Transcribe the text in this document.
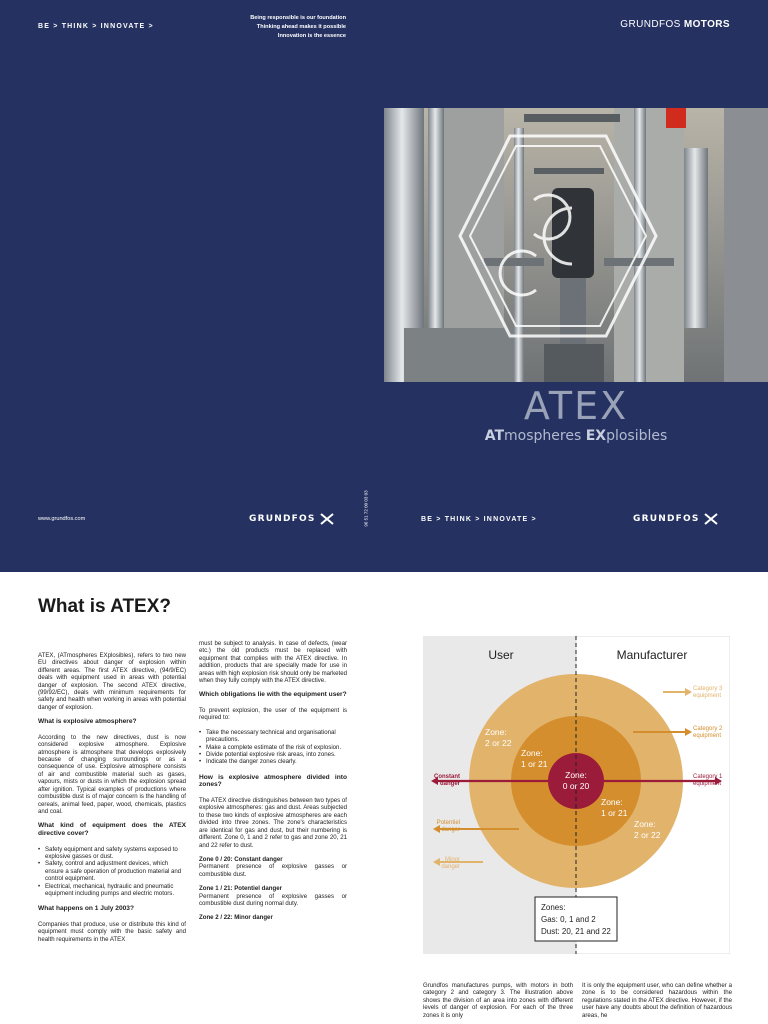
BE > THINK > INNOVATE >
Being responsible is our foundation
Thinking ahead makes it possible
Innovation is the essence
GRUNDFOS MOTORS
ATEX
ATmospheres EXplosibles
www.grundfos.com	GRUNDFOS	96 51 72 00 03 03	BE > THINK > INNOVATE >	GRUNDFOS
What is ATEX?

ATEX, (ATmospheres EXplosibles), refers to two new EU directives about danger of explosion within different areas. The first ATEX directive, (94/9/EC) deals with equipment used in areas with potential danger of explosion. The second ATEX directive, (99/92/EC), deals with minimum requirements for safety and health when working in areas with potential danger of explosion.

What is explosive atmosphere?

According to the new directives, dust is now considered explosive atmosphere. Explosive atmosphere is atmosphere that develops explosively because of changing surroundings or as a consequence of use. Explosive atmosphere consists of air and combustible material such as gases, vapours, mists or dusts in which the explosion spread after ignition. Typical examples of productions where combustible dust is of major concern is the handling of cereals, animal feed, paper, wood, chemicals, plastics and coal.

What kind of equipment does the ATEX directive cover?
• Safety equipment and safety systems exposed to explosive gasses or dust.
• Safety, control and adjustment devices, which ensure a safe operation of production material and control equipment.
• Electrical, mechanical, hydraulic and pneumatic equipment including pumps and electric motors.
What happens on 1 July 2003?

Companies that produce, use or distribute this kind of equipment must comply with the basic safety and health requirements in the ATEX

must be subject to analysis. In case of defects, (wear etc.) the old products must be replaced with equipment that complies with the ATEX directive. In addition, products that are specially made for use in areas with high explosion risk should only be marketed when they fully comply with the ATEX directive.

Which obligations lie with the equipment user?

To prevent explosion, the user of the equipment is required to:

• Take the necessary technical and organisational precautions.
• Make a complete estimate of the risk of explosion.
• Divide potential explosive risk areas, into zones.
• Indicate the danger zones clearly.
How is explosive atmosphere divided into zones?

The ATEX directive distinguishes between two types of explosive atmospheres: gas and dust. Areas subjected to these two kinds of explosive atmospheres are each divided into three zones. The zone's characteristics are identical for gas and dust, but their numbering is different. Zone 0, 1 and 2 refer to gas and zone 20, 21 and 22 refer to dust.

Zone 0 / 20: Constant danger

Permanent presence of explosive gasses or combustible dust.

Zone 1 / 21: Potentiel danger

Permanent presence of explosive gasses or combustible dust during normal duty.

Zone 2 / 22: Minor danger

User	Manufacturer
Zone:
2 or 22
Zone:
1 or 21
Zone:
0 or 20
Zone:
1 or 21
Zone:
2 or 22
Category 3
equipment
Category 2
equipment
Category 1
equipment
Constant
danger
Potentiel
danger
Minor
danger
Zones:
Gas: 0, 1 and 2
Dust: 20, 21 and 22
Grundfos manufactures pumps, with motors in both category 2 and category 3. The illustration above shows the division of an area into zones with different levels of danger of explosion. For each of the three zones it is only
It is only the equipment user, who can define whether a zone is to be considered hazardous within the regulations stated in the ATEX directive. However, if the user have any doubts about the definition of hazardous areas, he
